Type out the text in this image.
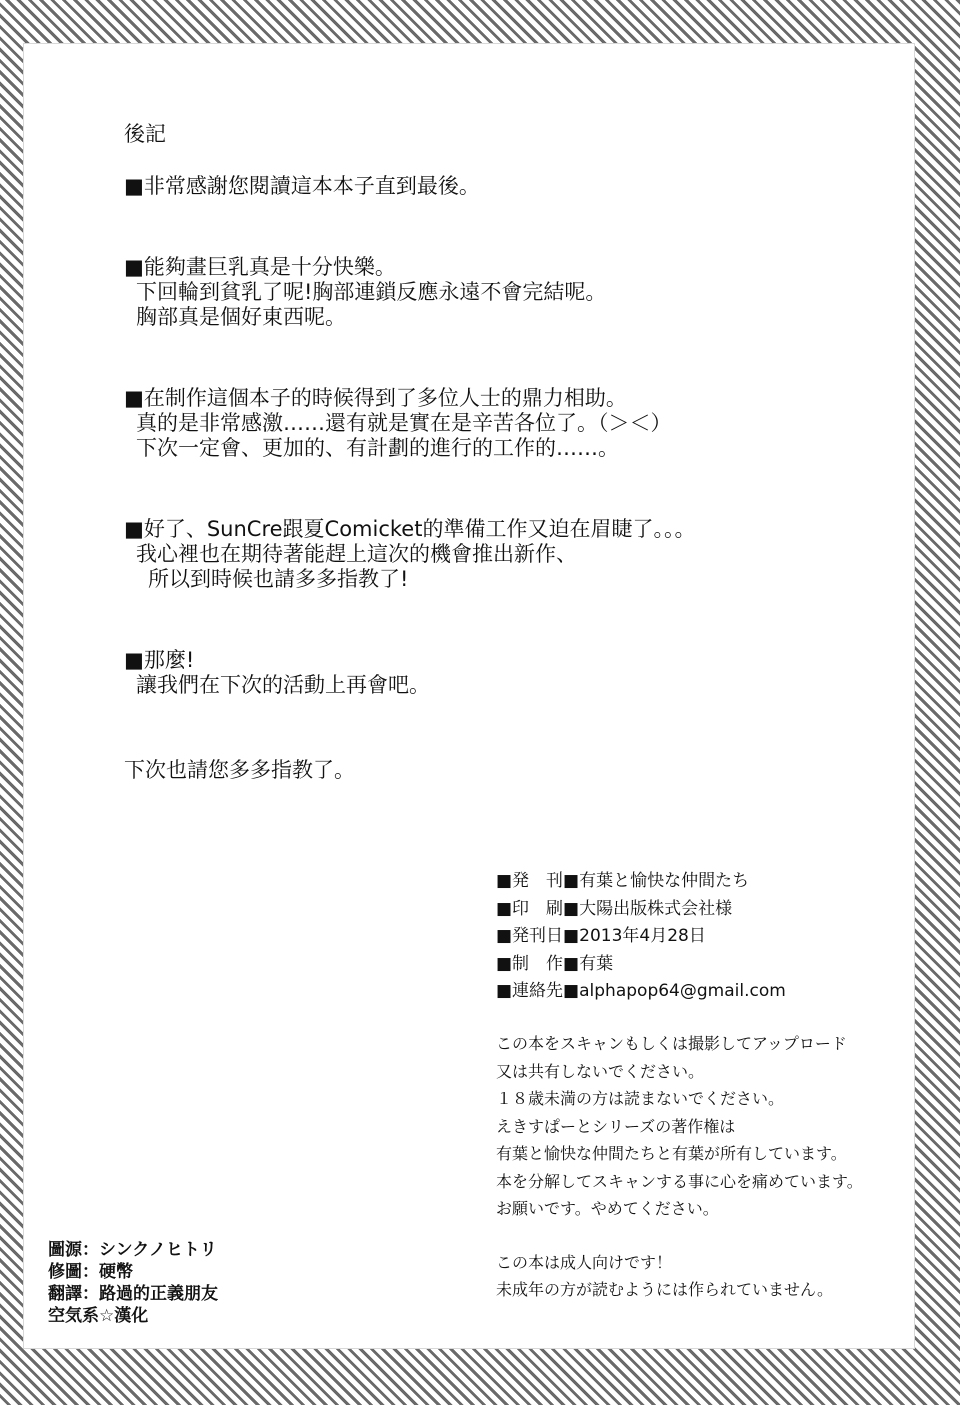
後記

■非常感謝您閱讀這本本子直到最後。

■能夠畫巨乳真是十分快樂。

下回輪到貧乳了呢!胸部連鎖反應永遠不會完結呢。

胸部真是個好東西呢。

■在制作這個本子的時候得到了多位人士的鼎力相助。

真的是非常感激……還有就是實在是辛苦各位了。（＞＜）

下次一定會、更加的、有計劃的進行的工作的……。

■好了、SunCre跟夏Comicket的準備工作又迫在眉睫了。。。

我心裡也在期待著能趕上這次的機會推出新作、

所以到時候也請多多指教了!

■那麼!

讓我們在下次的活動上再會吧。

下次也請您多多指教了。
■発　刊■有葉と愉快な仲間たち
■印　刷■大陽出版株式会社様
■発刊日■2013年4月28日
■制　作■有葉
■連絡先■alphapop64@gmail.com
この本をスキャンもしくは撮影してアップロード
又は共有しないでください。
１８歳未満の方は読まないでください。
えきすぱーとシリーズの著作権は
有葉と愉快な仲間たちと有葉が所有しています。
本を分解してスキャンする事に心を痛めています。
お願いです。やめてください。
この本は成人向けです！
未成年の方が読むようには作られていません。
圖源：シンクノヒトリ
修圖：硬幣
翻譯：路過的正義朋友
空気系☆漢化
